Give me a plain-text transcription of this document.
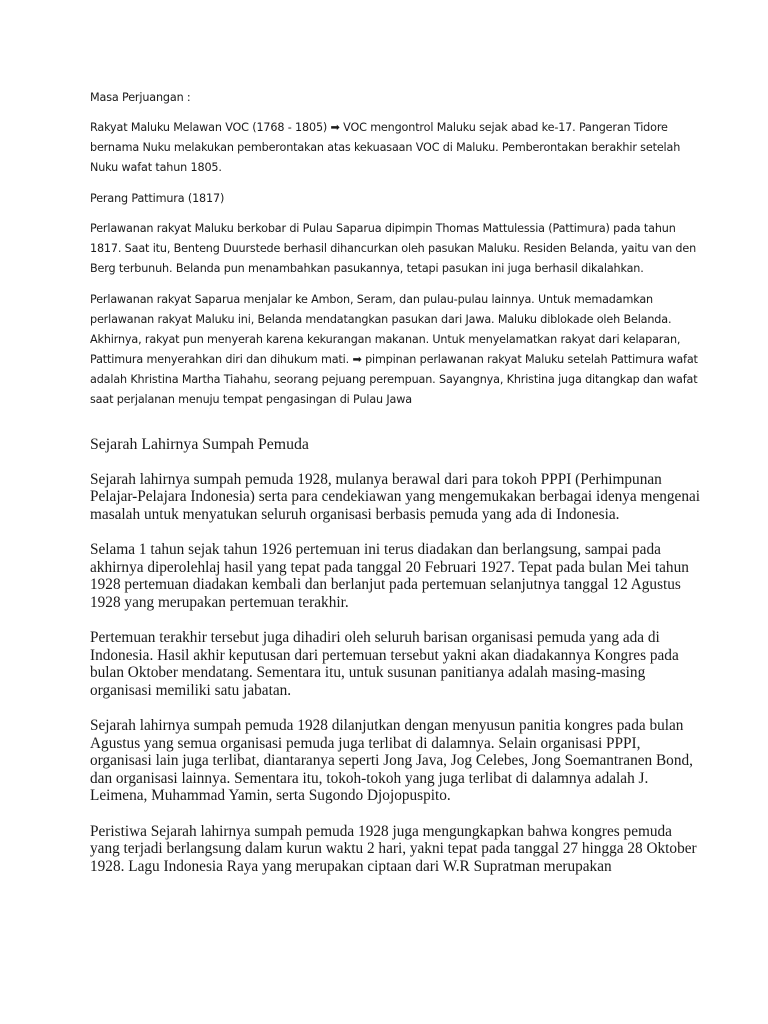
Masa Perjuangan :

Rakyat Maluku Melawan VOC (1768 - 1805) ➡ VOC mengontrol Maluku sejak abad ke-17. Pangeran Tidore bernama Nuku melakukan pemberontakan atas kekuasaan VOC di Maluku. Pemberontakan berakhir setelah Nuku wafat tahun 1805.

Perang Pattimura (1817)

Perlawanan rakyat Maluku berkobar di Pulau Saparua dipimpin Thomas Mattulessia (Pattimura) pada tahun 1817. Saat itu, Benteng Duurstede berhasil dihancurkan oleh pasukan Maluku. Residen Belanda, yaitu van den Berg terbunuh. Belanda pun menambahkan pasukannya, tetapi pasukan ini juga berhasil dikalahkan.

Perlawanan rakyat Saparua menjalar ke Ambon, Seram, dan pulau-pulau lainnya. Untuk memadamkan perlawanan rakyat Maluku ini, Belanda mendatangkan pasukan dari Jawa. Maluku diblokade oleh Belanda. Akhirnya, rakyat pun menyerah karena kekurangan makanan. Untuk menyelamatkan rakyat dari kelaparan, Pattimura menyerahkan diri dan dihukum mati. ➡ pimpinan perlawanan rakyat Maluku setelah Pattimura wafat adalah Khristina Martha Tiahahu, seorang pejuang perempuan. Sayangnya, Khristina juga ditangkap dan wafat saat perjalanan menuju tempat pengasingan di Pulau Jawa

Sejarah Lahirnya Sumpah Pemuda

Sejarah lahirnya sumpah pemuda 1928, mulanya berawal dari para tokoh PPPI (Perhimpunan Pelajar-Pelajara Indonesia) serta para cendekiawan yang mengemukakan berbagai idenya mengenai masalah untuk menyatukan seluruh organisasi berbasis pemuda yang ada di Indonesia.

Selama 1 tahun sejak tahun 1926 pertemuan ini terus diadakan dan berlangsung, sampai pada akhirnya diperolehlaj hasil yang tepat pada tanggal 20 Februari 1927. Tepat pada bulan Mei tahun 1928 pertemuan diadakan kembali dan berlanjut pada pertemuan selanjutnya tanggal 12 Agustus 1928 yang merupakan pertemuan terakhir.

Pertemuan terakhir tersebut juga dihadiri oleh seluruh barisan organisasi pemuda yang ada di Indonesia. Hasil akhir keputusan dari pertemuan tersebut yakni akan diadakannya Kongres pada bulan Oktober mendatang. Sementara itu, untuk susunan panitianya adalah masing-masing organisasi memiliki satu jabatan.

Sejarah lahirnya sumpah pemuda 1928 dilanjutkan dengan menyusun panitia kongres pada bulan Agustus yang semua organisasi pemuda juga terlibat di dalamnya. Selain organisasi PPPI, organisasi lain juga terlibat, diantaranya seperti Jong Java, Jog Celebes, Jong Soemantranen Bond, dan organisasi lainnya. Sementara itu, tokoh-tokoh yang juga terlibat di dalamnya adalah J. Leimena, Muhammad Yamin, serta Sugondo Djojopuspito.

Peristiwa Sejarah lahirnya sumpah pemuda 1928 juga mengungkapkan bahwa kongres pemuda yang terjadi berlangsung dalam kurun waktu 2 hari, yakni tepat pada tanggal 27 hingga 28 Oktober 1928. Lagu Indonesia Raya yang merupakan ciptaan dari W.R Supratman merupakan
